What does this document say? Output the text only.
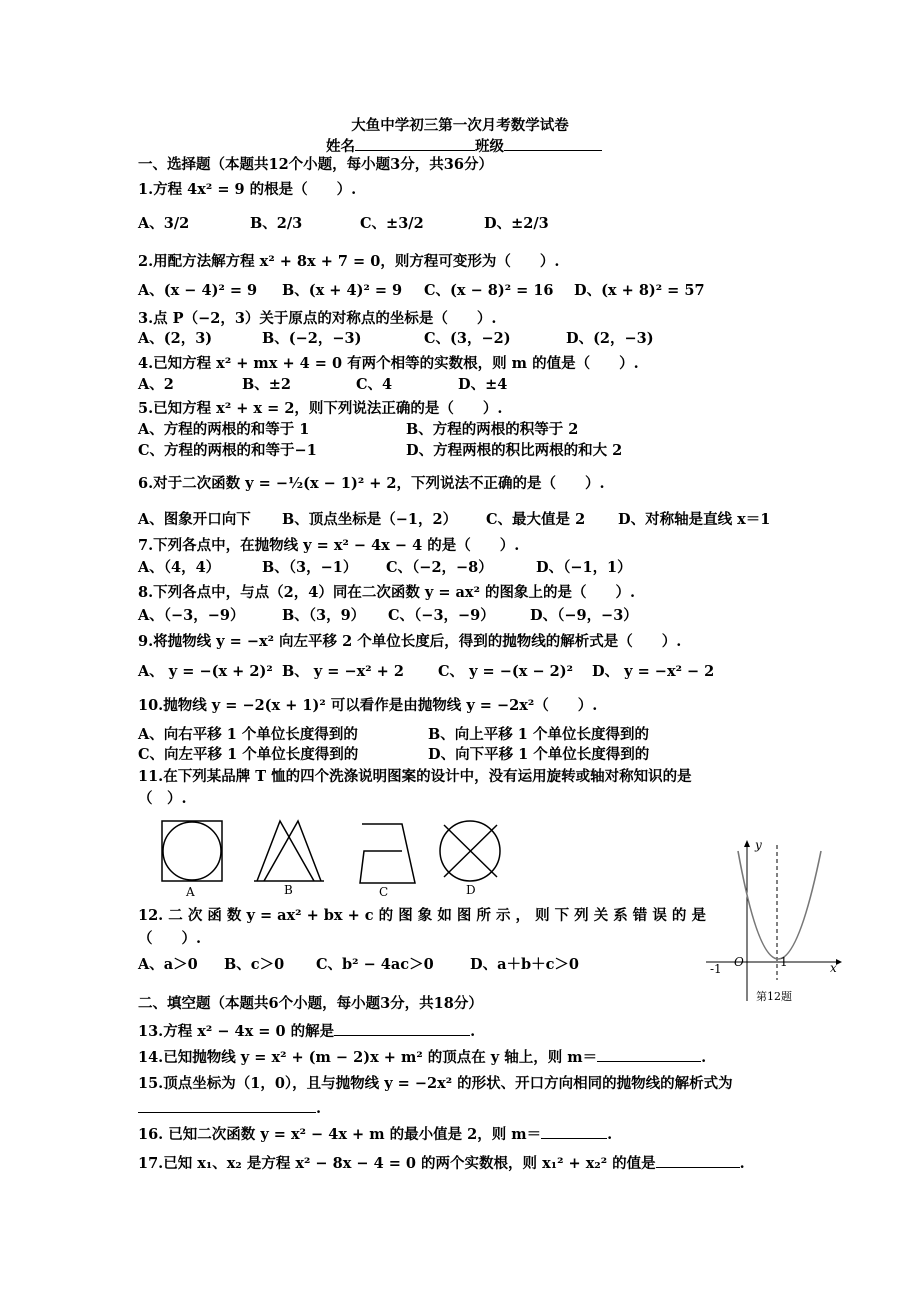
大鱼中学初三第一次月考数学试卷
姓名	班级
一、选择题（本题共12个小题，每小题3分，共36分）
1.方程 4x² = 9 的根是（　　）.
A、3/2	B、2/3	C、±3/2	D、±2/3
2.用配方法解方程 x² + 8x + 7 = 0，则方程可变形为（　　）.
A、(x − 4)² = 9 B、(x + 4)² = 9 C、(x − 8)² = 16 D、(x + 8)² = 57
3.点 P（−2，3）关于原点的对称点的坐标是（　　）.
A、(2，3)	B、(−2，−3)	C、(3，−2)	D、(2，−3)
4.已知方程 x² + mx + 4 = 0 有两个相等的实数根，则 m 的值是（　　）.
A、2	B、±2	C、4	D、±4
5.已知方程 x² + x = 2，则下列说法正确的是（　　）.
A、方程的两根的和等于 1	B、方程的两根的积等于 2
C、方程的两根的和等于−1	D、方程两根的积比两根的和大 2
6.对于二次函数 y = −½(x − 1)² + 2，下列说法不正确的是（　　）.
A、图象开口向下 B、顶点坐标是（−1，2） C、最大值是 2 D、对称轴是直线 x＝1
7.下列各点中，在抛物线 y = x² − 4x − 4 的是（　　）.
A、（4，4）	B、（3，−1） C、（−2，−8）	D、（−1，1）
8.下列各点中，与点（2，4）同在二次函数 y = ax² 的图象上的是（　　）.
A、（−3，−9）	B、（3，9） C、（−3，−9） D、（−9，−3）
9.将抛物线 y = −x² 向左平移 2 个单位长度后，得到的抛物线的解析式是（　　）.
A、 y = −(x + 2)² B、 y = −x² + 2 C、 y = −(x − 2)² D、 y = −x² − 2
10.抛物线 y = −2(x + 1)² 可以看作是由抛物线 y = −2x²（　　）.
A、向右平移 1 个单位长度得到的	B、向上平移 1 个单位长度得到的
C、向左平移 1 个单位长度得到的	D、向下平移 1 个单位长度得到的
11.在下列某品牌 T 恤的四个洗涤说明图案的设计中，没有运用旋转或轴对称知识的是
（　）.
A	B	C	D
12. 二 次 函 数 y = ax² + bx + c 的 图 象 如 图 所 示 ， 则 下 列 关 系 错 误 的 是
（　　）.
A、a＞0 B、c＞0 C、b² − 4ac＞0	D、a＋b＋c＞0
y
x
-1 O	1
第12题
二、填空题（本题共6个小题，每小题3分，共18分）
13.方程 x² − 4x = 0 的解是	.
14.已知抛物线 y = x² + (m − 2)x + m² 的顶点在 y 轴上，则 m＝	.
15.顶点坐标为（1，0），且与抛物线 y = −2x² 的形状、开口方向相同的抛物线的解析式为
.
16. 已知二次函数 y = x² − 4x + m 的最小值是 2，则 m＝	.
17.已知 x₁、x₂ 是方程 x² − 8x − 4 = 0 的两个实数根，则 x₁² + x₂² 的值是	.
